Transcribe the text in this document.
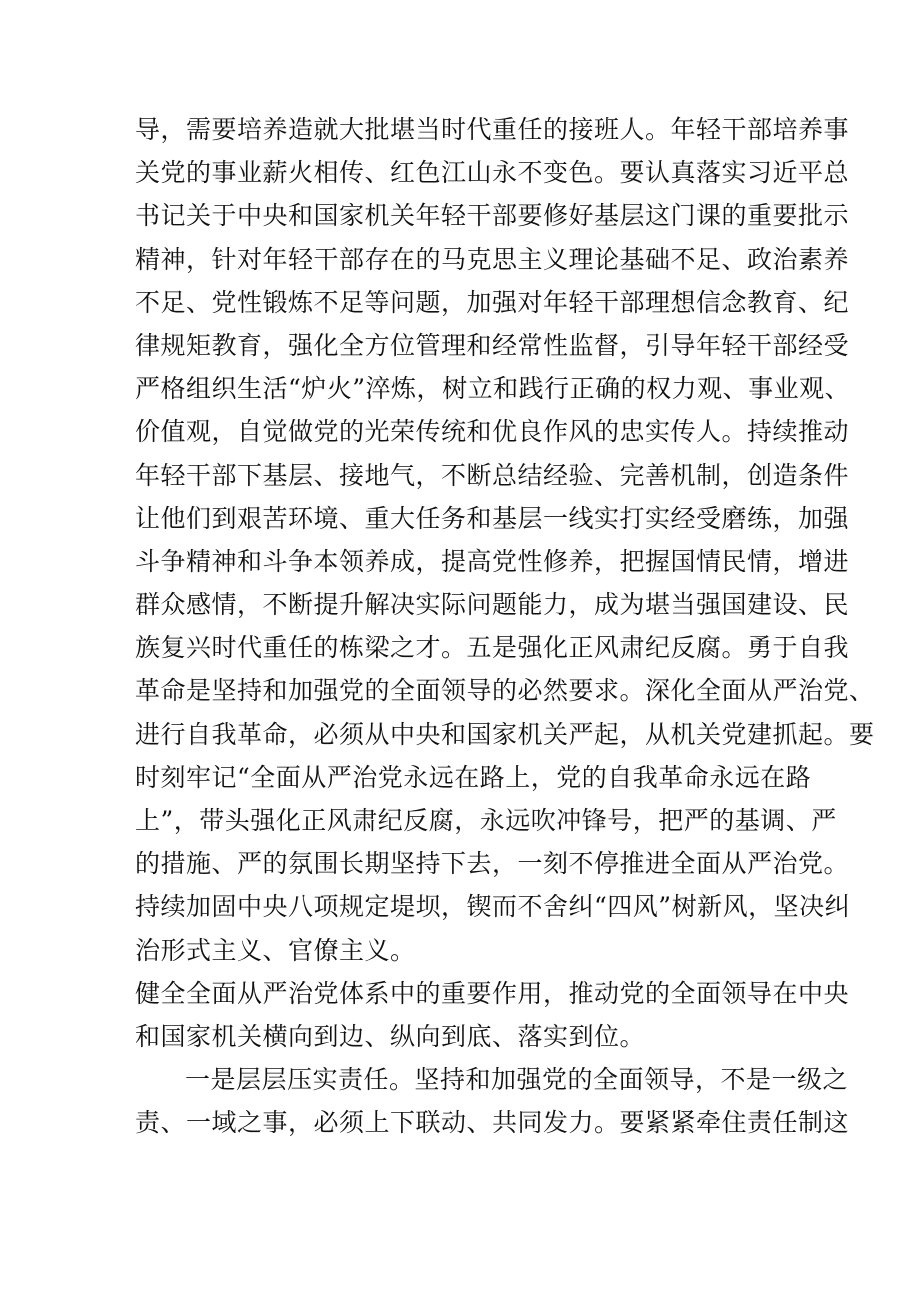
导，需要培养造就大批堪当时代重任的接班人。年轻干部培养事
关党的事业薪火相传、红色江山永不变色。要认真落实习近平总
书记关于中央和国家机关年轻干部要修好基层这门课的重要批示
精神，针对年轻干部存在的马克思主义理论基础不足、政治素养
不足、党性锻炼不足等问题，加强对年轻干部理想信念教育、纪
律规矩教育，强化全方位管理和经常性监督，引导年轻干部经受
严格组织生活“炉火”淬炼，树立和践行正确的权力观、事业观、
价值观，自觉做党的光荣传统和优良作风的忠实传人。持续推动
年轻干部下基层、接地气，不断总结经验、完善机制，创造条件
让他们到艰苦环境、重大任务和基层一线实打实经受磨练，加强
斗争精神和斗争本领养成，提高党性修养，把握国情民情，增进
群众感情，不断提升解决实际问题能力，成为堪当强国建设、民
族复兴时代重任的栋梁之才。五是强化正风肃纪反腐。勇于自我
革命是坚持和加强党的全面领导的必然要求。深化全面从严治党、
进行自我革命，必须从中央和国家机关严起，从机关党建抓起。要
时刻牢记“全面从严治党永远在路上，党的自我革命永远在路
上”，带头强化正风肃纪反腐，永远吹冲锋号，把严的基调、严
的措施、严的氛围长期坚持下去，一刻不停推进全面从严治党。
持续加固中央八项规定堤坝，锲而不舍纠“四风”树新风，坚决纠
治形式主义、官僚主义。
健全全面从严治党体系中的重要作用，推动党的全面领导在中央
和国家机关横向到边、纵向到底、落实到位。
一是层层压实责任。坚持和加强党的全面领导，不是一级之
责、一域之事，必须上下联动、共同发力。要紧紧牵住责任制这
